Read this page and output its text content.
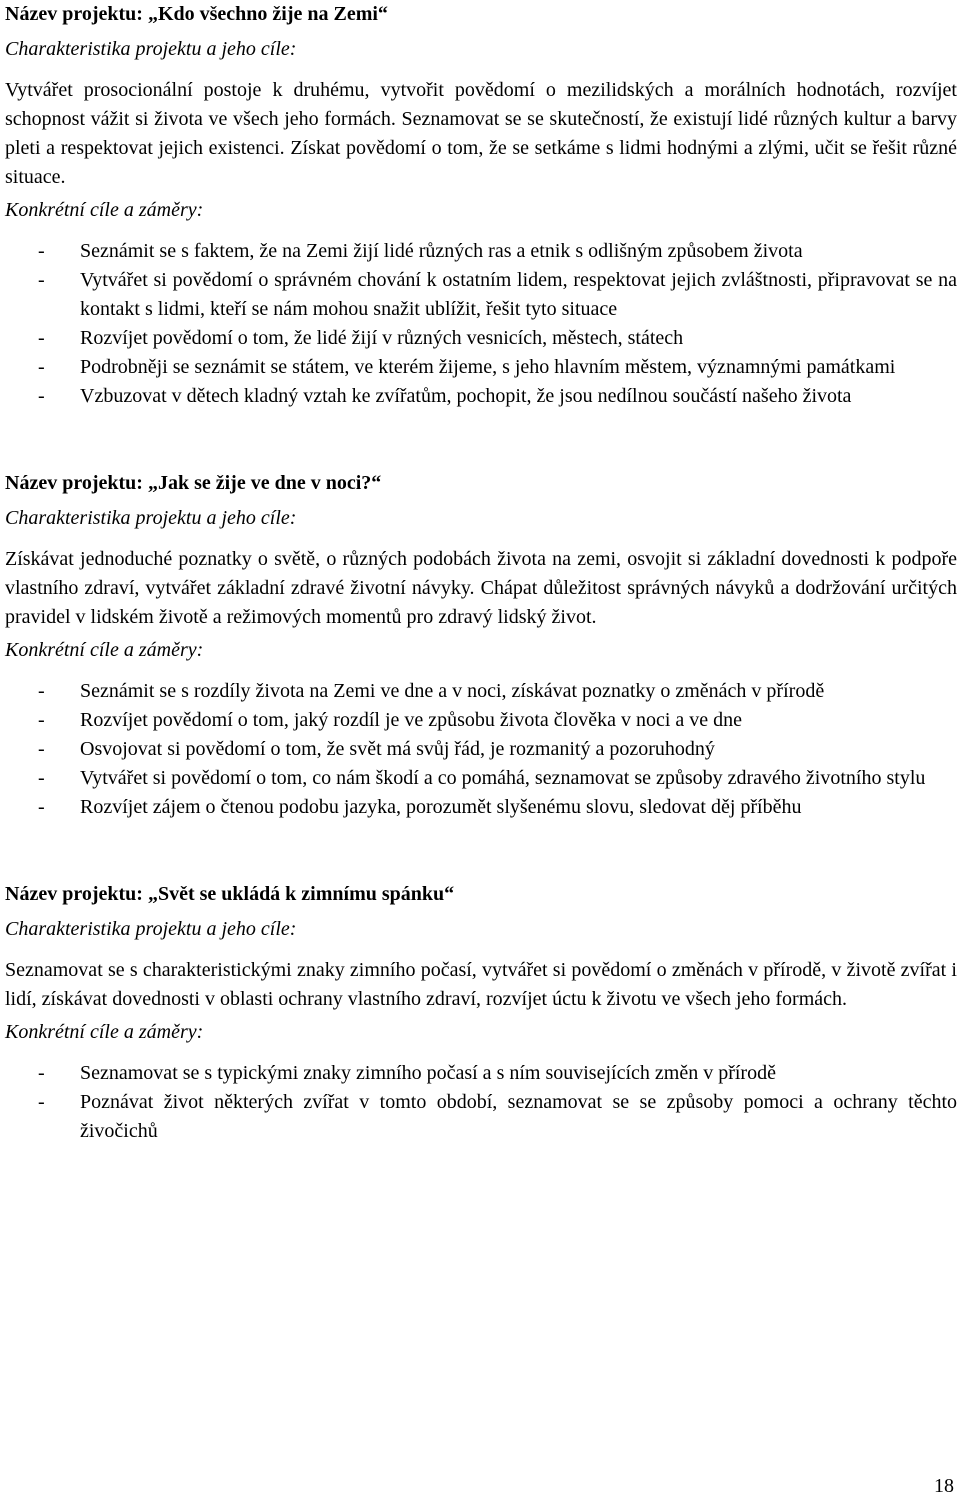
Název projektu: „Kdo všechno žije na Zemi“

Charakteristika projektu a jeho cíle:

Vytvářet prosocionální postoje k druhému, vytvořit povědomí o mezilidských a morálních hodnotách, rozvíjet schopnost vážit si života ve všech jeho formách. Seznamovat se se skutečností, že existují lidé různých kultur a barvy pleti a respektovat jejich existenci. Získat povědomí o tom, že se setkáme s lidmi hodnými a zlými, učit se řešit různé situace.

Konkrétní cíle a záměry:

- Seznámit se s faktem, že na Zemi žijí lidé různých ras a etnik s odlišným způsobem života
- Vytvářet si povědomí o správném chování k ostatním lidem, respektovat jejich zvláštnosti, připravovat se na kontakt s lidmi, kteří se nám mohou snažit ublížit, řešit tyto situace
- Rozvíjet povědomí o tom, že lidé žijí v různých vesnicích, městech, státech
- Podrobněji se seznámit se státem, ve kterém žijeme, s jeho hlavním městem, významnými památkami
- Vzbuzovat v dětech kladný vztah ke zvířatům, pochopit, že jsou nedílnou součástí našeho života

Název projektu: „Jak se žije ve dne v noci?“

Charakteristika projektu a jeho cíle:

Získávat jednoduché poznatky o světě, o různých podobách života na zemi, osvojit si základní dovednosti k podpoře vlastního zdraví, vytvářet základní zdravé životní návyky. Chápat důležitost správných návyků a dodržování určitých pravidel v lidském životě a režimových momentů pro zdravý lidský život.

Konkrétní cíle a záměry:

- Seznámit se s rozdíly života na Zemi ve dne a v noci, získávat poznatky o změnách v přírodě
- Rozvíjet povědomí o tom, jaký rozdíl je ve způsobu života člověka v noci a ve dne
- Osvojovat si povědomí o tom, že svět má svůj řád, je rozmanitý a pozoruhodný
- Vytvářet si povědomí o tom, co nám škodí a co pomáhá, seznamovat se způsoby zdravého životního stylu
- Rozvíjet zájem o čtenou podobu jazyka, porozumět slyšenému slovu, sledovat děj příběhu

Název projektu: „Svět se ukládá k zimnímu spánku“

Charakteristika projektu a jeho cíle:

Seznamovat se s charakteristickými znaky zimního počasí, vytvářet si povědomí o změnách v přírodě, v životě zvířat i lidí, získávat dovednosti v oblasti ochrany vlastního zdraví, rozvíjet úctu k životu ve všech jeho formách.

Konkrétní cíle a záměry:

- Seznamovat se s typickými znaky zimního počasí a s ním souvisejících změn v přírodě
- Poznávat život některých zvířat v tomto období, seznamovat se se způsoby pomoci a ochrany těchto živočichů
18
